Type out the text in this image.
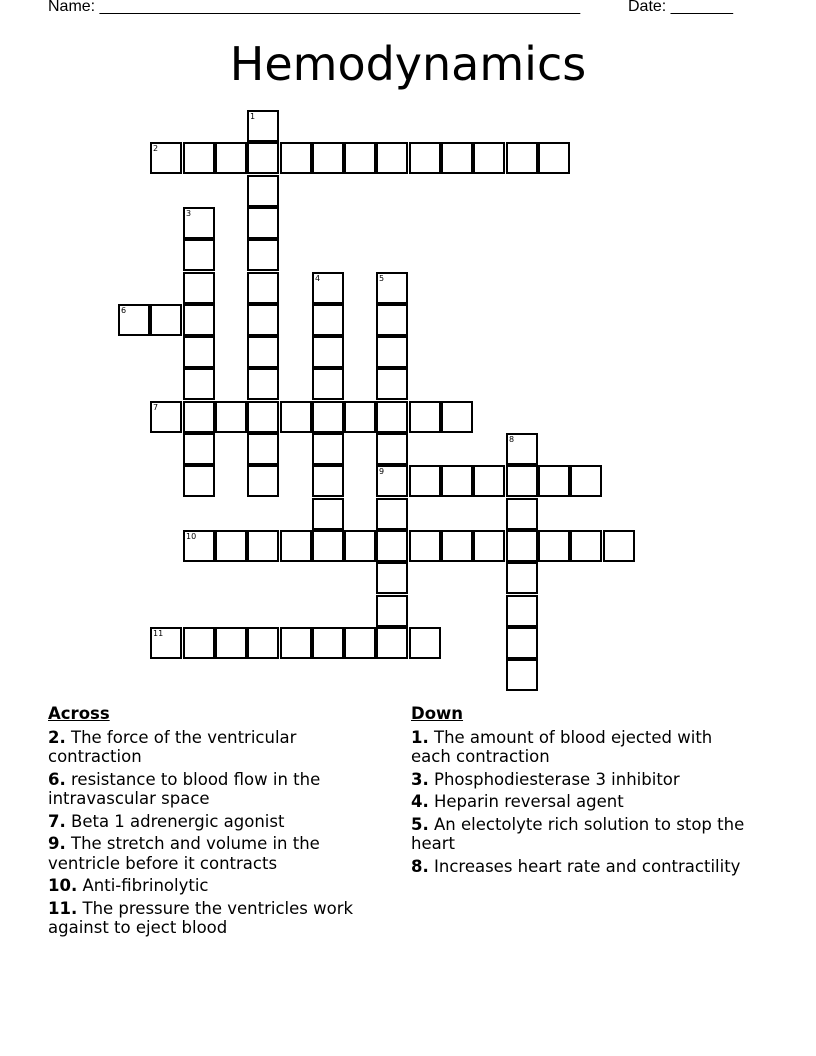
Name: ______________________________________________________	Date: _______
Hemodynamics
1
2
3
4	5
9
6
7
8
10
11
Across
2. The force of the ventricular contraction
6. resistance to blood flow in the intravascular space
7. Beta 1 adrenergic agonist
9. The stretch and volume in the ventricle before it contracts
10. Anti-fibrinolytic
11. The pressure the ventricles work against to eject blood
Down
1. The amount of blood ejected with each contraction
3. Phosphodiesterase 3 inhibitor
4. Heparin reversal agent
5. An electolyte rich solution to stop the heart
8. Increases heart rate and contractility
